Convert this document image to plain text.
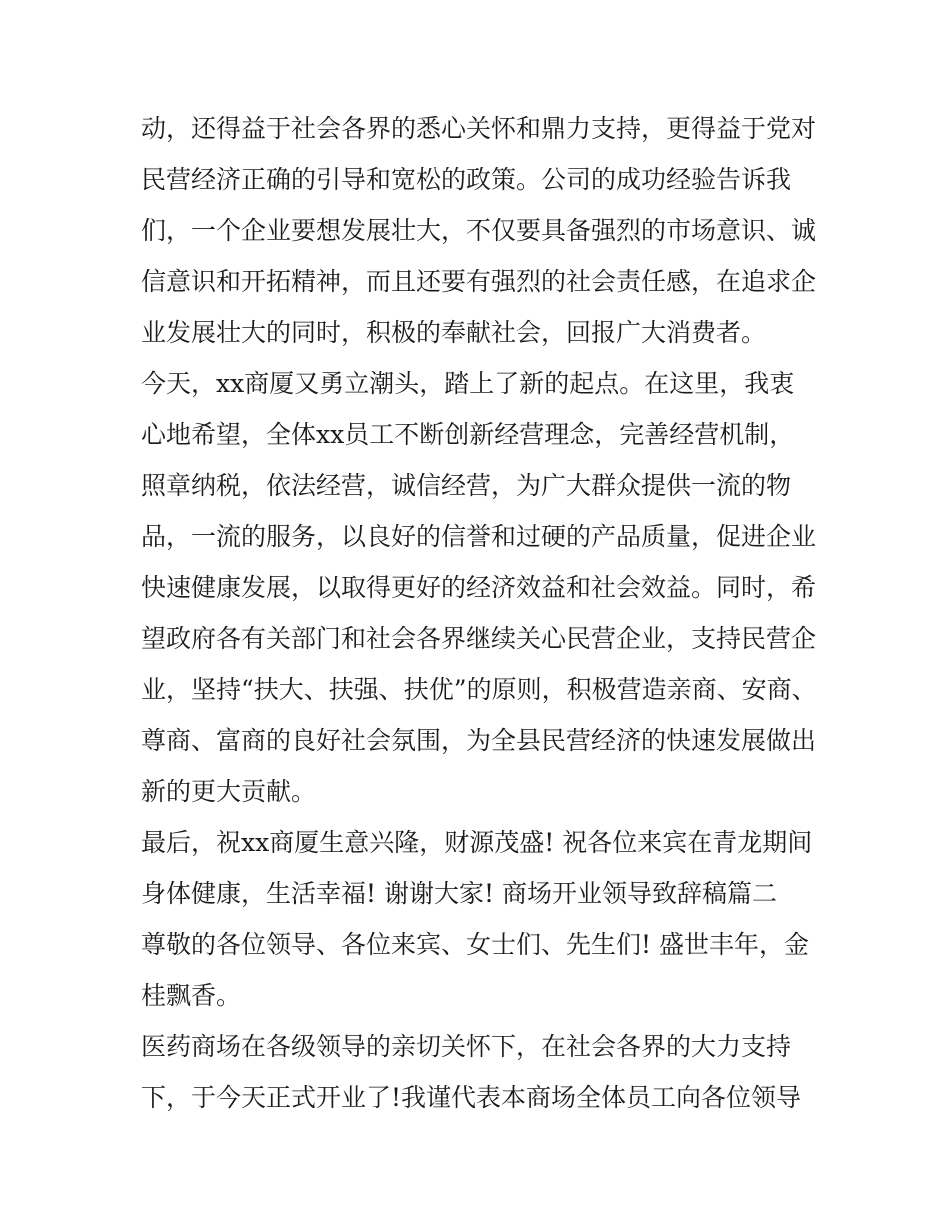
动，还得益于社会各界的悉心关怀和鼎力支持，更得益于党对
民营经济正确的引导和宽松的政策。公司的成功经验告诉我
们，一个企业要想发展壮大，不仅要具备强烈的市场意识、诚
信意识和开拓精神，而且还要有强烈的社会责任感，在追求企
业发展壮大的同时，积极的奉献社会，回报广大消费者。
今天，xx商厦又勇立潮头，踏上了新的起点。在这里，我衷
心地希望，全体xx员工不断创新经营理念，完善经营机制，
照章纳税，依法经营，诚信经营，为广大群众提供一流的物
品，一流的服务，以良好的信誉和过硬的产品质量，促进企业
快速健康发展，以取得更好的经济效益和社会效益。同时，希
望政府各有关部门和社会各界继续关心民营企业，支持民营企
业，坚持“扶大、扶强、扶优”的原则，积极营造亲商、安商、
尊商、富商的良好社会氛围，为全县民营经济的快速发展做出
新的更大贡献。
最后，祝xx商厦生意兴隆，财源茂盛! 祝各位来宾在青龙期间
身体健康，生活幸福! 谢谢大家! 商场开业领导致辞稿篇二
尊敬的各位领导、各位来宾、女士们、先生们! 盛世丰年，金
桂飘香。
医药商场在各级领导的亲切关怀下，在社会各界的大力支持
下，于今天正式开业了!我谨代表本商场全体员工向各位领导
